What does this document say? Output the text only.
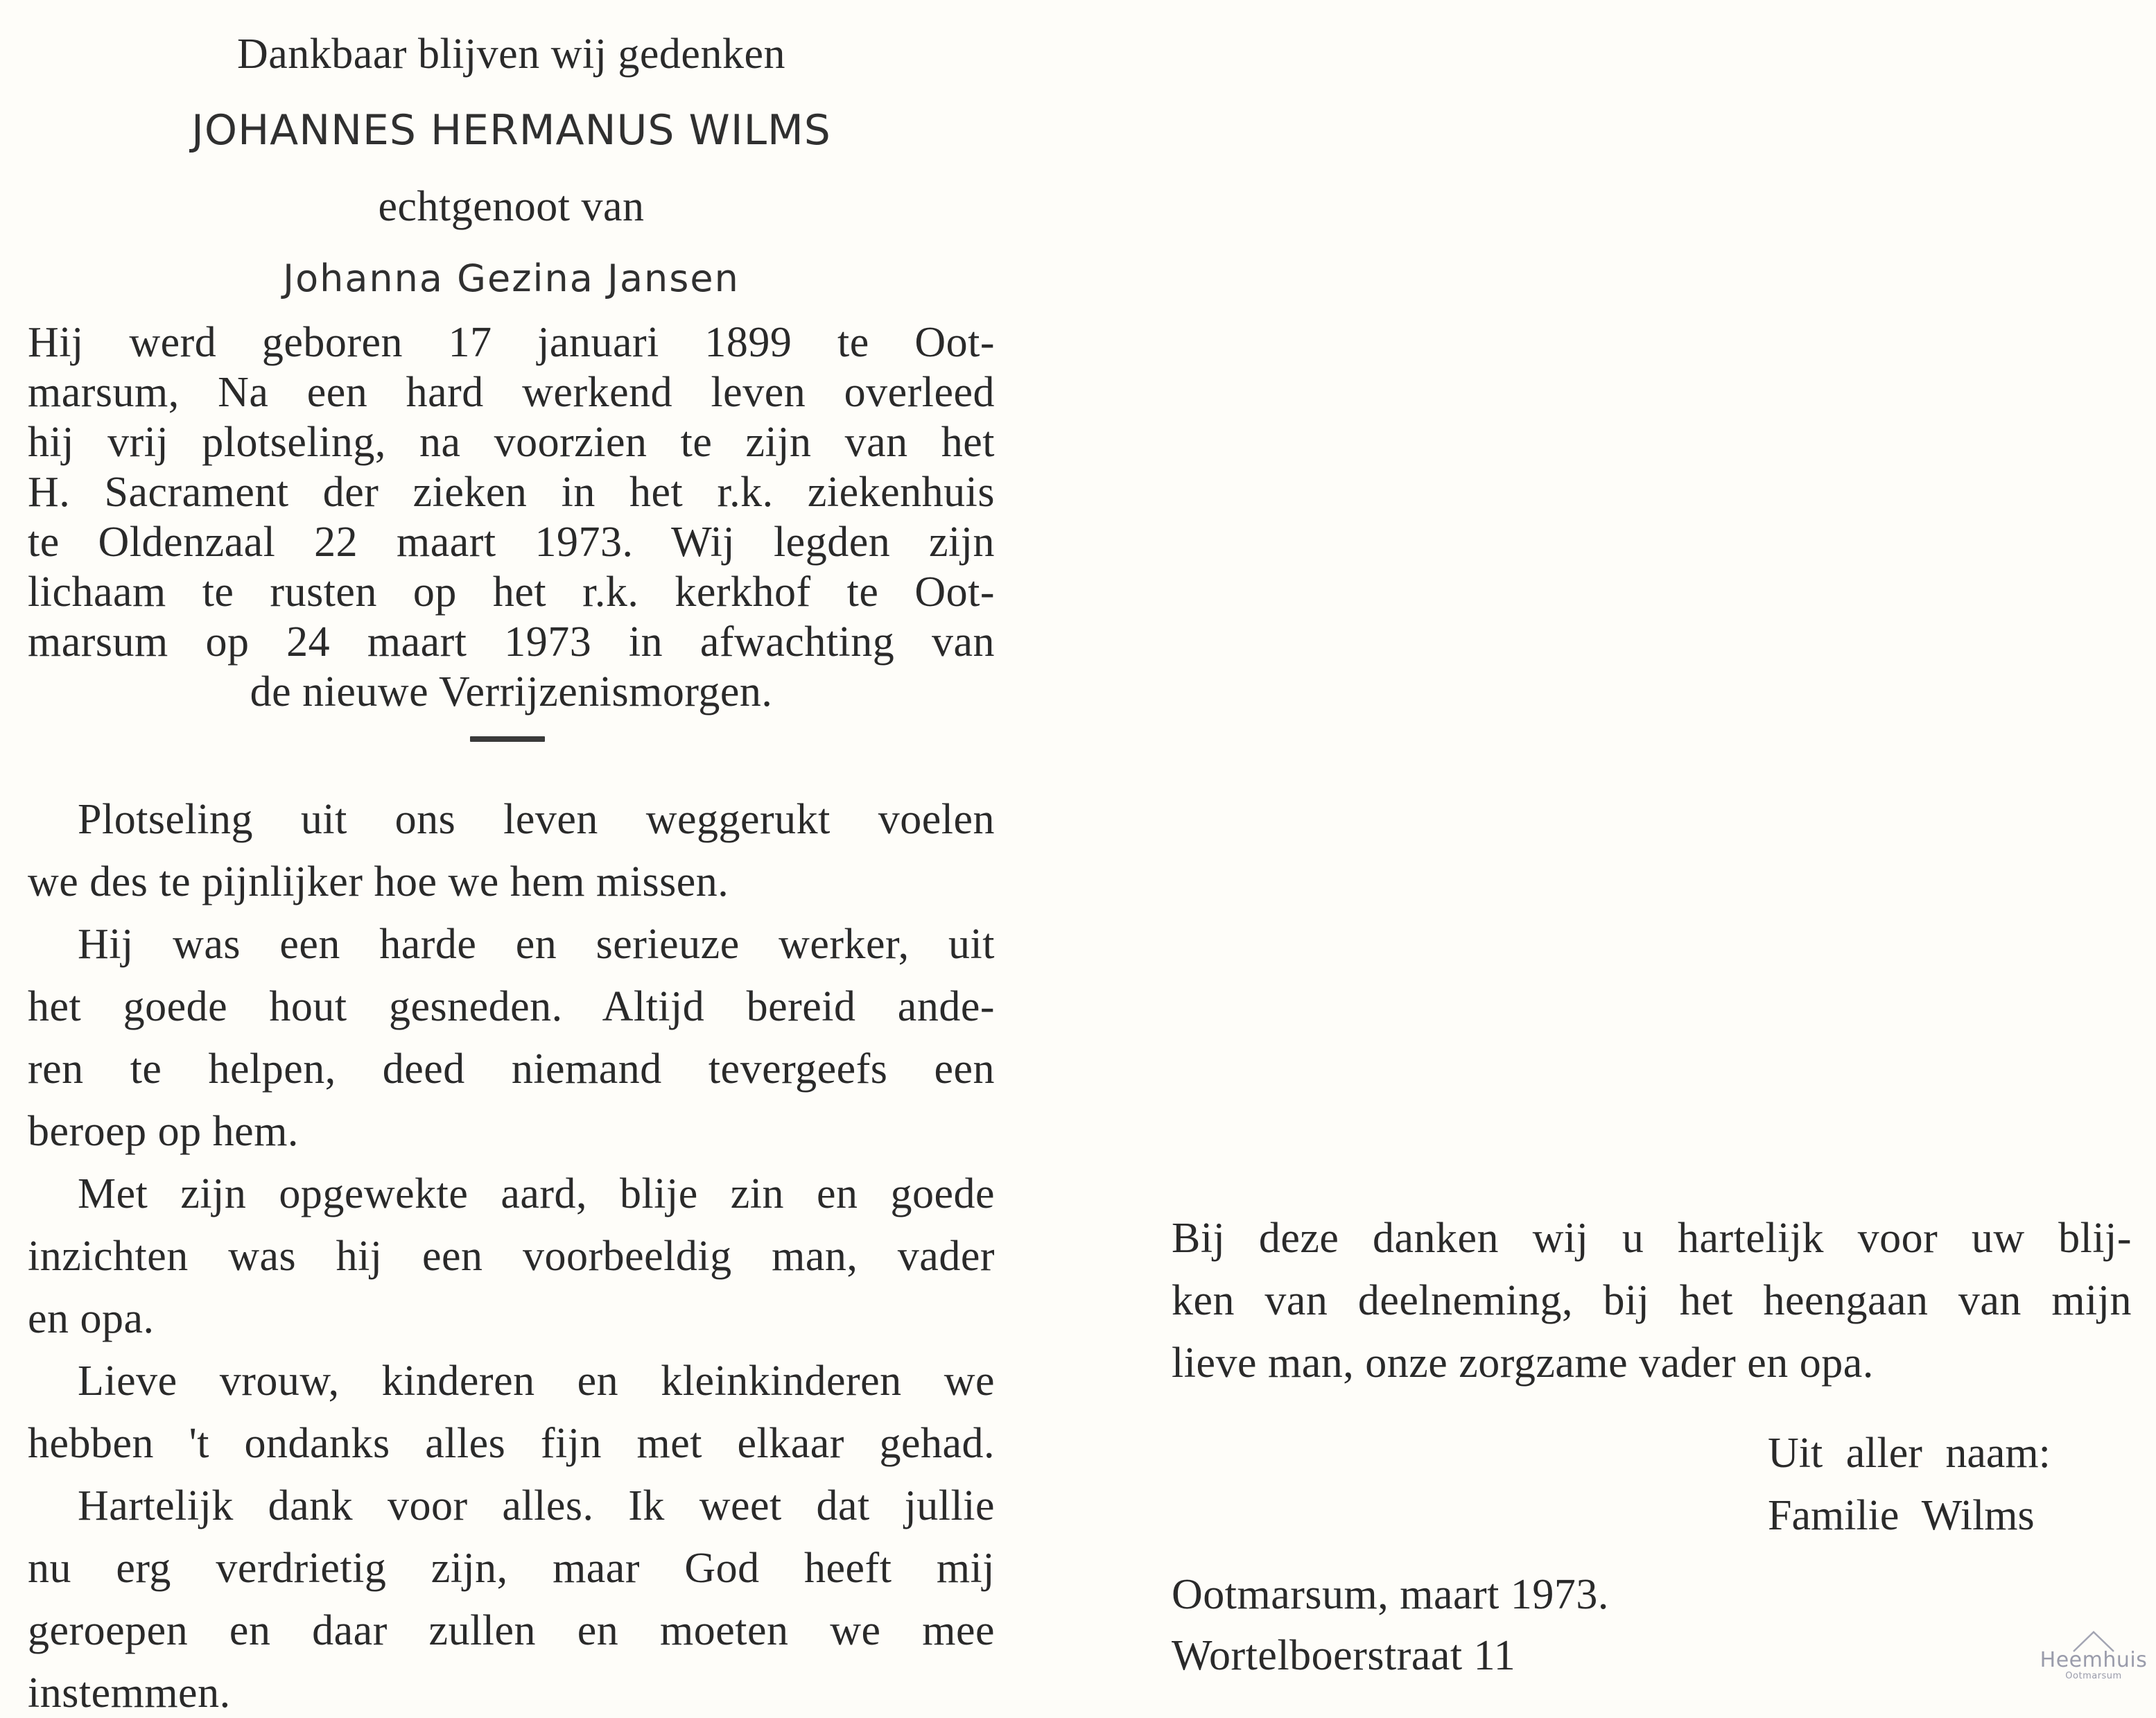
Dankbaar blijven wij gedenken
JOHANNES HERMANUS WILMS
echtgenoot van
Johanna Gezina Jansen
Hij werd geboren 17 januari 1899 te Oot-
marsum, Na een hard werkend leven overleed
hij vrij plotseling, na voorzien te zijn van het
H. Sacrament der zieken in het r.k. ziekenhuis
te Oldenzaal 22 maart 1973. Wij legden zijn
lichaam te rusten op het r.k. kerkhof te Oot-
marsum op 24 maart 1973 in afwachting van
de nieuwe Verrijzenismorgen.
Plotseling uit ons leven weggerukt voelen
we des te pijnlijker hoe we hem missen.
Hij was een harde en serieuze werker, uit
het goede hout gesneden. Altijd bereid ande-
ren te helpen, deed niemand tevergeefs een
beroep op hem.
Met zijn opgewekte aard, blije zin en goede
inzichten was hij een voorbeeldig man, vader
en opa.
Lieve vrouw, kinderen en kleinkinderen we
hebben 't ondanks alles fijn met elkaar gehad.
Hartelijk dank voor alles. Ik weet dat jullie
nu erg verdrietig zijn, maar God heeft mij
geroepen en daar zullen en moeten we mee
instemmen.
Bij deze danken wij u hartelijk voor uw blij-
ken van deelneming, bij het heengaan van mijn
lieve man, onze zorgzame vader en opa.
Uit aller naam:
Familie Wilms
Ootmarsum, maart 1973.
Wortelboerstraat 11	Heemhuis
Ootmarsum
